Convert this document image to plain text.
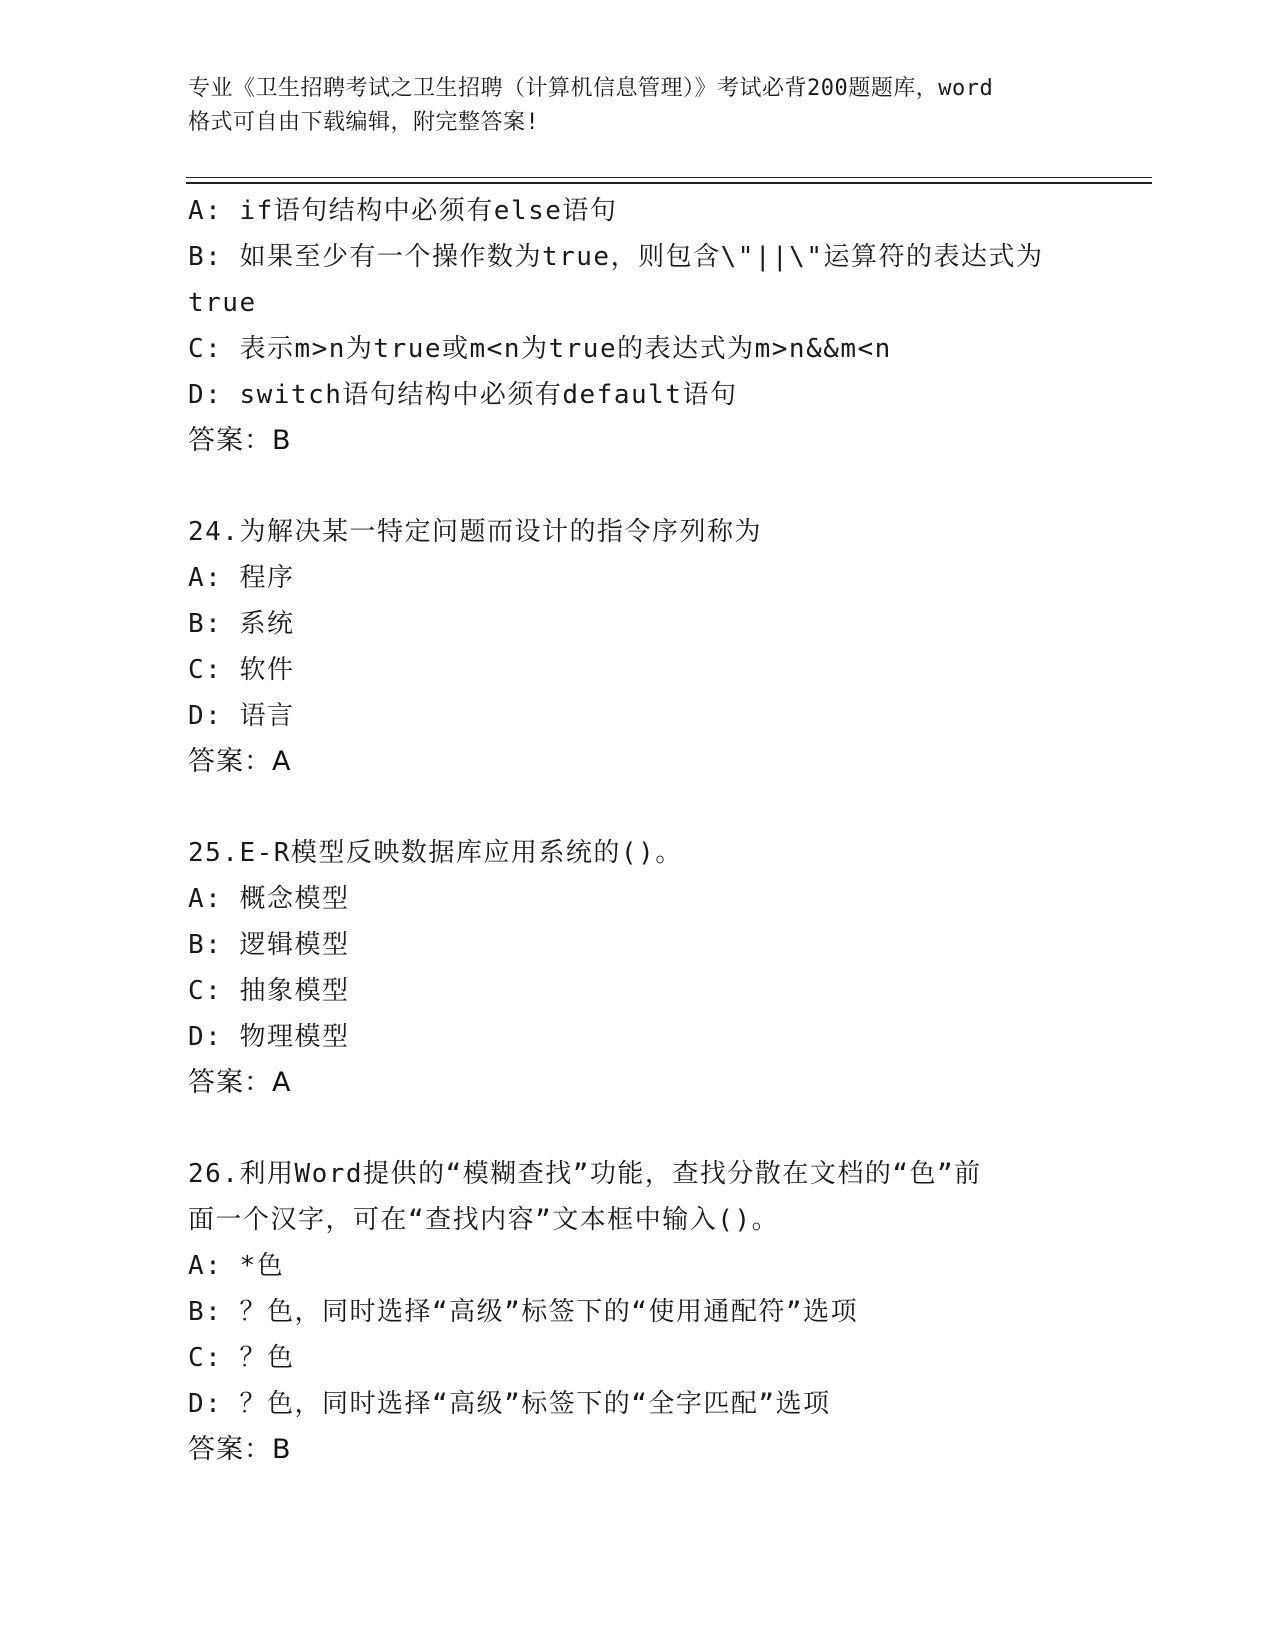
专业《卫生招聘考试之卫生招聘（计算机信息管理）》考试必背200题题库，word
格式可自由下载编辑，附完整答案!
A: if语句结构中必须有else语句
B: 如果至少有一个操作数为true，则包含\"||\"运算符的表达式为
true
C: 表示m>n为true或m<n为true的表达式为m>n&&m<n
D: switch语句结构中必须有default语句
答案：B
24.为解决某一特定问题而设计的指令序列称为
A: 程序
B: 系统
C: 软件
D: 语言
答案：A
25.E-R模型反映数据库应用系统的()。
A: 概念模型
B: 逻辑模型
C: 抽象模型
D: 物理模型
答案：A
26.利用Word提供的“模糊查找”功能，查找分散在文档的“色”前
面一个汉字，可在“查找内容”文本框中输入()。
A: *色
B: ？色，同时选择“高级”标签下的“使用通配符”选项
C: ？色
D: ？色，同时选择“高级”标签下的“全字匹配”选项
答案：B
